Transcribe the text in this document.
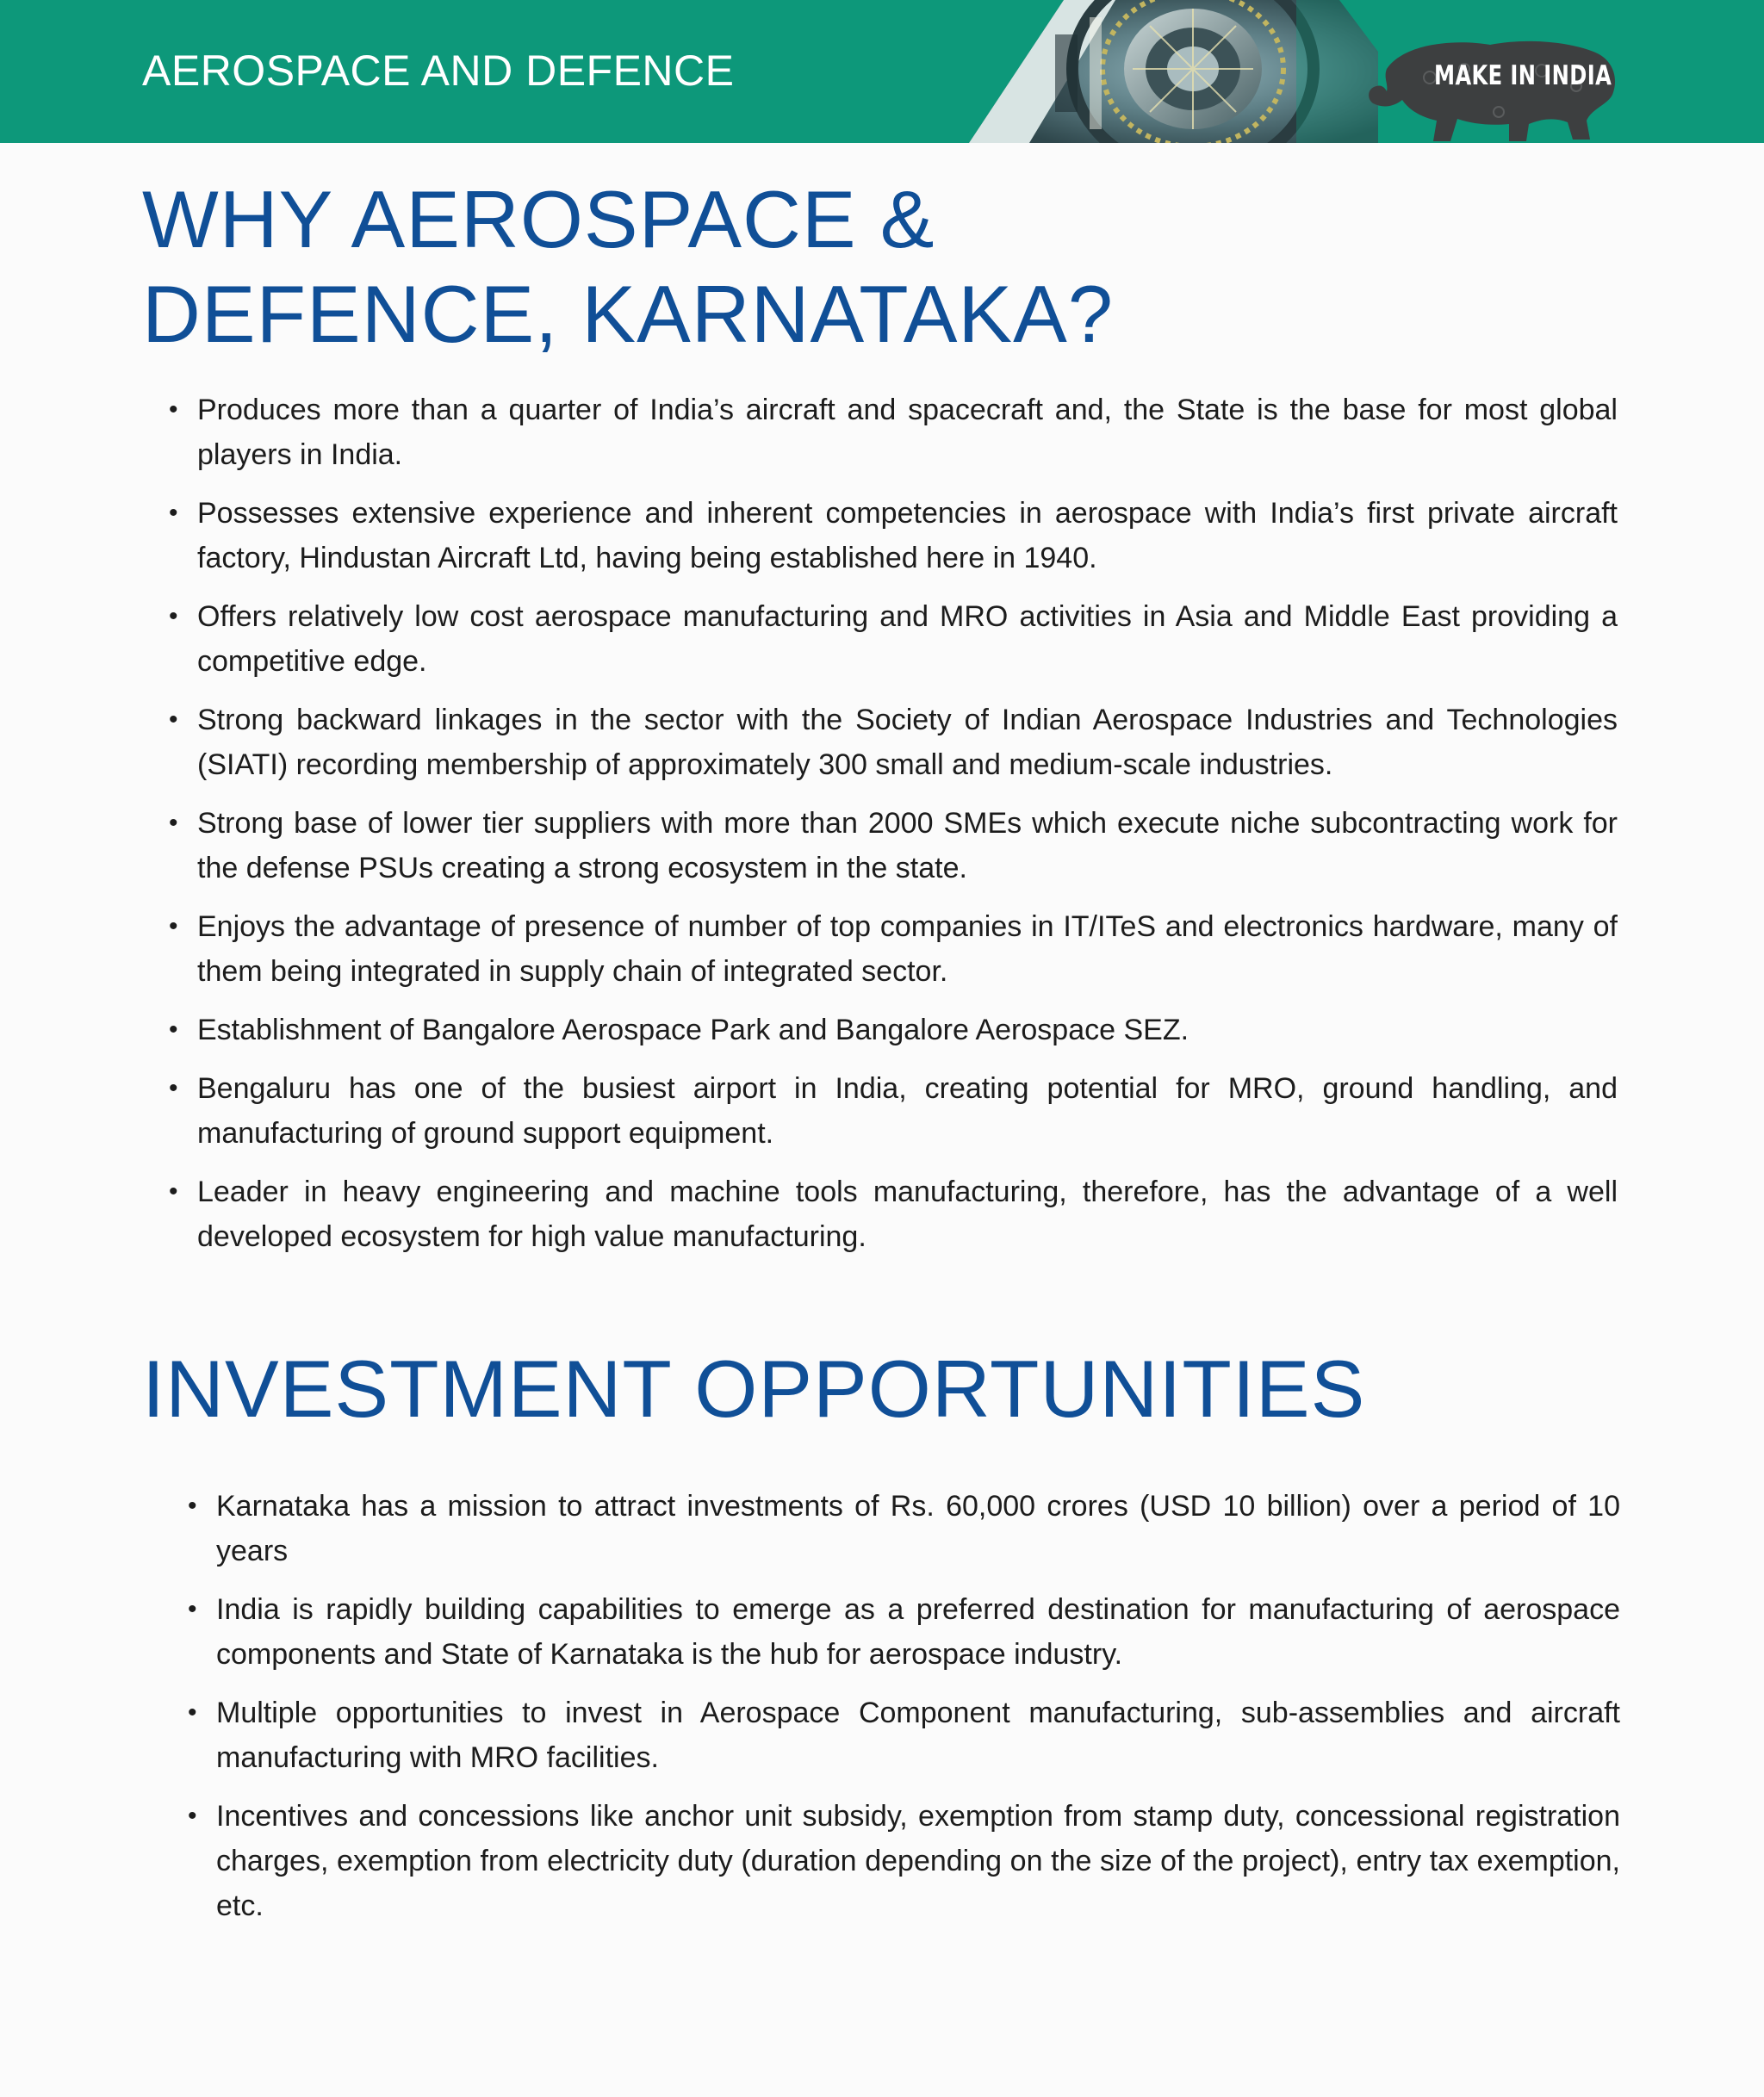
AEROSPACE AND DEFENCE	MAKE IN INDIA
WHY AEROSPACE & DEFENCE, KARNATAKA?
• Produces more than a quarter of India’s aircraft and spacecraft and, the State is the base for most global players in India.
• Possesses extensive experience and inherent competencies in aerospace with India’s first private aircraft factory, Hindustan Aircraft Ltd, having being established here in 1940.
• Offers relatively low cost aerospace manufacturing and MRO activities in Asia and Middle East providing a competitive edge.
• Strong backward linkages in the sector with the Society of Indian Aerospace Industries and Technologies (SIATI) recording membership of approximately 300 small and medium-scale industries.
• Strong base of lower tier suppliers with more than 2000 SMEs which execute niche subcontracting work for the defense PSUs creating a strong ecosystem in the state.
• Enjoys the advantage of presence of number of top companies in IT/ITeS and electronics hardware, many of them being integrated in supply chain of integrated sector.
• Establishment of Bangalore Aerospace Park and Bangalore Aerospace SEZ.
• Bengaluru has one of the busiest airport in India, creating potential for MRO, ground handling, and manufacturing of ground support equipment.
• Leader in heavy engineering and machine tools manufacturing, therefore, has the advantage of a well developed ecosystem for high value manufacturing.
INVESTMENT OPPORTUNITIES
• Karnataka has a mission to attract investments of Rs. 60,000 crores (USD 10 billion) over a period of 10 years
• India is rapidly building capabilities to emerge as a preferred destination for manufacturing of aerospace components and State of Karnataka is the hub for aerospace industry.
• Multiple opportunities to invest in Aerospace Component manufacturing, sub-assemblies and aircraft manufacturing with MRO facilities.
• Incentives and concessions like anchor unit subsidy, exemption from stamp duty, concessional registration charges, exemption from electricity duty (duration depending on the size of the project), entry tax exemption, etc.
